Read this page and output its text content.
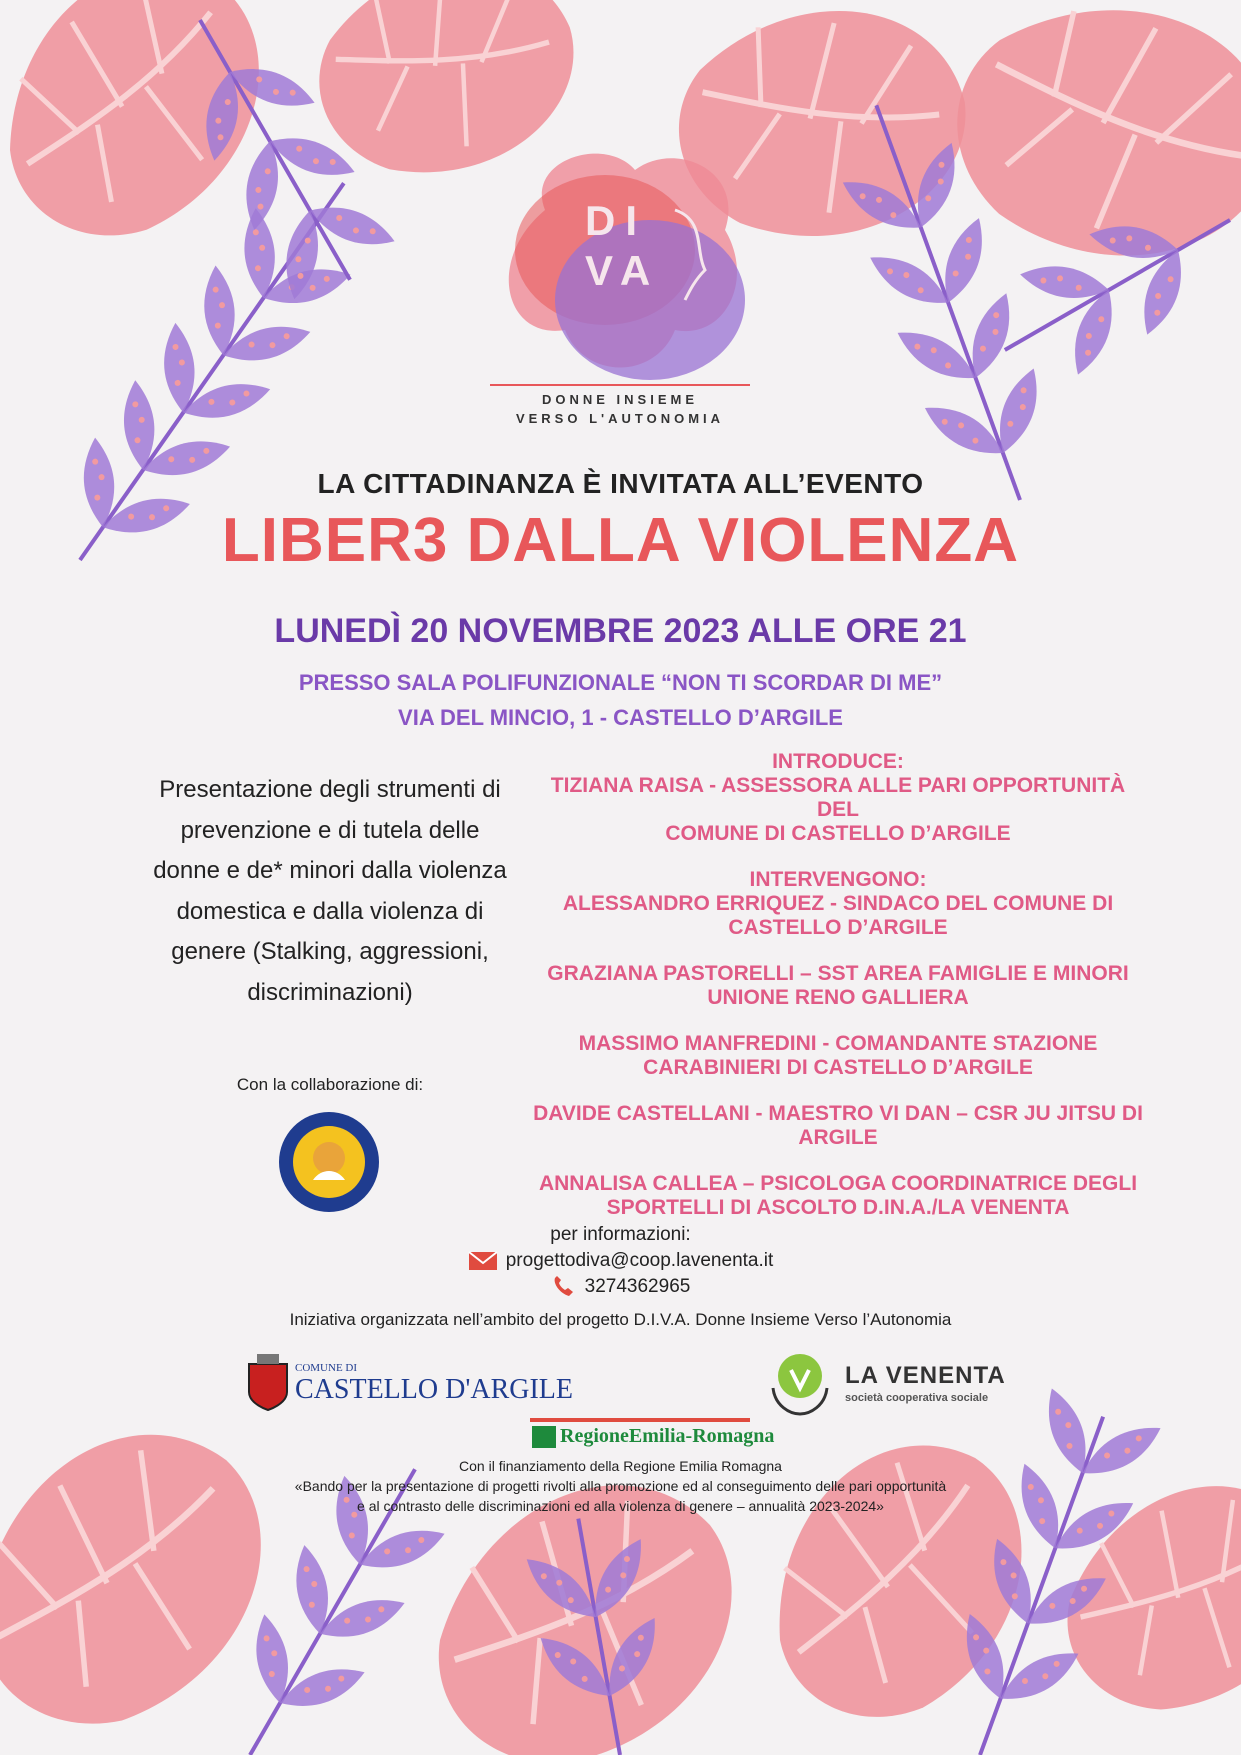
DI
VA
DONNE INSIEME
VERSO L'AUTONOMIA
LA CITTADINANZA È INVITATA ALL’EVENTO
LIBER3 DALLA VIOLENZA
LUNEDÌ 20 NOVEMBRE 2023 ALLE ORE 21
PRESSO SALA POLIFUNZIONALE “NON TI SCORDAR DI ME”
VIA DEL MINCIO, 1 - CASTELLO D’ARGILE
Presentazione degli strumenti di prevenzione e di tutela delle donne e de* minori dalla violenza domestica e dalla violenza di genere (Stalking, aggressioni, discriminazioni)
Con la collaborazione di:
INTRODUCE:
TIZIANA RAISA - ASSESSORA ALLE PARI OPPORTUNITÀ DEL
COMUNE DI CASTELLO D’ARGILE
INTERVENGONO:
ALESSANDRO ERRIQUEZ - SINDACO DEL COMUNE DI
CASTELLO D’ARGILE
GRAZIANA PASTORELLI – SST AREA FAMIGLIE E MINORI
UNIONE RENO GALLIERA
MASSIMO MANFREDINI - COMANDANTE STAZIONE
CARABINIERI DI CASTELLO D’ARGILE
DAVIDE CASTELLANI - MAESTRO VI DAN – CSR JU JITSU DI
ARGILE
ANNALISA CALLEA – PSICOLOGA COORDINATRICE DEGLI
SPORTELLI DI ASCOLTO D.IN.A./LA VENENTA
per informazioni:
progettodiva@coop.lavenenta.it
3274362965
Iniziativa organizzata nell’ambito del progetto D.I.V.A. Donne Insieme Verso l’Autonomia
COMUNE DI
CASTELLO D'ARGILE	LA VENENTA
società cooperativa sociale
RegioneEmilia-Romagna
Con il finanziamento della Regione Emilia Romagna
«Bando per la presentazione di progetti rivolti alla promozione ed al conseguimento delle pari opportunità
e al contrasto delle discriminazioni ed alla violenza di genere – annualità 2023-2024»
